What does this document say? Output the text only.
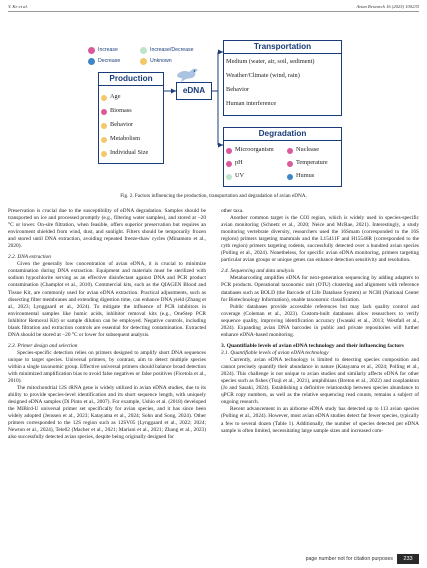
Y. Ke et al.	Avian Research 16 (2025) 100235
Increase	Increase/Decrease
Decrease	Unknown
Production
Age
Biomass
Behavior
Metabolism
Individual Size
eDNA
Transportation
Medium (water, air, soil, sediment)
Weather/Climate (wind, rain)
Behavior
Human interference
Degradation
Microorganism	Nuclease
pH	Temperature
UV	Humus
Fig. 2. Factors influencing the production, transportation and degradation of avian eDNA.

Preservation is crucial due to the susceptibility of eDNA degradation. Samples should be transported on ice and processed promptly (e.g., filtering water samples), and stored at −20 °C or lower. On-site filtration, when feasible, offers superior preservation but requires an environment shielded from wind, dust, and sunlight. Filters should be temporarily frozen and stored until DNA extraction, avoiding repeated freeze-thaw cycles (Minamoto et al., 2020).

2.2. DNA extraction

Given the generally low concentration of avian eDNA, it is crucial to minimize contamination during DNA extraction. Equipment and materials must be sterilized with sodium hypochlorite serving as an effective disinfectant against DNA and PCR product contamination (Champlot et al., 2010). Commercial kits, such as the QIAGEN Blood and Tissue Kit, are commonly used for avian eDNA extraction. Practical adjustments, such as dissecting filter membranes and extending digestion time, can enhance DNA yield (Zhang et al., 2023; Lynggaard et al., 2024). To mitigate the influence of PCR inhibitors in environmental samples like humic acids, inhibitor removal kits (e.g., OneStep PCR Inhibitor Removal Kit) or sample dilution can be employed. Negative controls, including blank filtration and extraction controls are essential for detecting contamination. Extracted DNA should be stored at −20 °C or lower for subsequent analysis.

2.3. Primer design and selection

Species-specific detection relies on primers designed to amplify short DNA sequences unique to target species. Universal primers, by contrast, aim to detect multiple species within a single taxonomic group. Effective universal primers should balance broad detection with minimized amplification bias to avoid false negatives or false positives (Ficetola et al., 2010).

The mitochondrial 12S rRNA gene is widely utilized in avian eDNA studies, due to its ability to provide species-level identification and its short sequence length, with uniquely designed eDNA samples (Di Pinto et al., 2007). For example, Ushio et al. (2018) developed the MiBird-U universal primer set specifically for avian species, and it has since been widely adopted (Jenssen et al., 2023; Katayama et al., 2024; Sohn and Song, 2024). Other primers corresponded to the 12S region such as 12SV05 (Lynggaard et al., 2022; 2024; Newton et al., 2024), Tele02 (Macher et al., 2021; Mariani et al., 2021; Zhang et al., 2023) also successfully detected avian species, despite being originally designed for

other taxa.

Another common target is the COI region, which is widely used in species-specific avian monitoring (Schnetz et al., 2020; Neice and McRae, 2021). Interestingly, a study monitoring vertebrate diversity, researchers used the 16Smam (corresponded to the 16S regions) primers targeting mammals and the L15411F and H15546R (corresponded to the cytb region) primers targeting rodents, successfully detected over a hundred avian species (Polling et al., 2024). Nonetheless, for specific avian eDNA monitoring, primers targeting particular avian groups or unique genes can enhance detection sensitivity and resolution.

2.4. Sequencing and data analysis

Metabarcoding amplifies eDNA for next-generation sequencing by adding adapters to PCR products. Operational taxonomic unit (OTU) clustering and alignment with reference databases such as BOLD (the Barcode of Life Database System) or NCBI (National Center for Biotechnology Information), enable taxonomic classification.

Public databases provide accessible references but may lack quality control and coverage (Coleman et al., 2023). Custom-built databases allow researchers to verify sequence quality, improving identification accuracy (Iwasaki et al., 2013; Westfall et al., 2024). Expanding avian DNA barcodes in public and private repositories will further enhance eDNA-based monitoring.

3. Quantifiable levels of avian eDNA technology and their influencing factors

3.1. Quantifiable levels of avian eDNA technology

Currently, avian eDNA technology is limited to detecting species composition and cannot precisely quantify their abundance in nature (Katayama et al., 2024; Polling et al., 2024). This challenge is not unique to avian studies and similarly affects eDNA for other species such as fishes (Tsuji et al., 2021), amphibians (Breton et al., 2022) and zooplankton (Jo and Sasaki, 2024). Establishing a definitive relationship between species abundance to qPCR copy numbers, as well as the relative sequencing read counts, remains a subject of ongoing research.

Recent advancement in an airborne eDNA study has detected up to 113 avian species (Polling et al., 2024). However, most avian eDNA studies detect far fewer species, typically a few to several dozen (Table 1). Additionally, the number of species detected per eDNA sample is often limited, necessitating large sample sizes and increased com-

page number not for citation purposes	233
